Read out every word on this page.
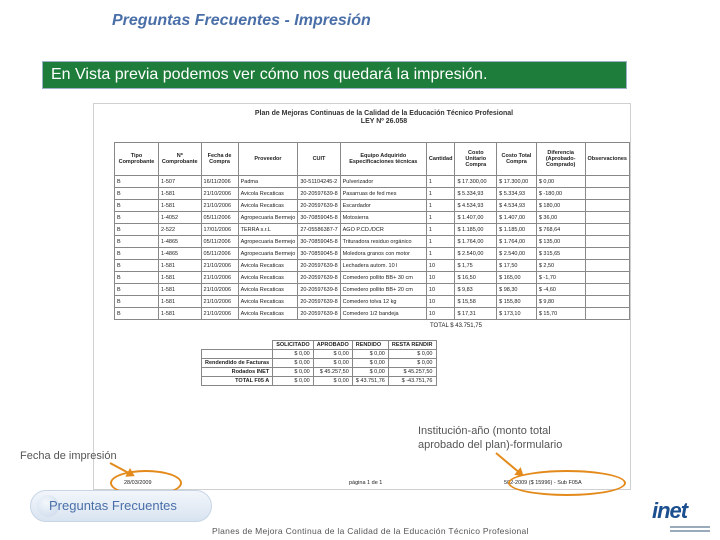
Preguntas Frecuentes - Impresión
En Vista previa podemos ver cómo nos quedará la impresión.
Plan de Mejoras Continuas de la Calidad de la Educación Técnico Profesional
LEY Nº 26.058
Tipo Comprobante	Nº Comprobante	Fecha de Compra	Proveedor	CUIT	Equipo Adquirido Especificaciones técnicas	Cantidad	Costo Unitario Compra	Costo Total Compra	Diferencia (Aprobado-Comprado)	Observaciones
B	1-507	16/11/2006	Padma	30-51104245-2	Pulverizador	1	$ 17.300,00	$ 17.300,00	$ 0,00	
B	1-581	21/10/2006	Avicola Recaticas	20-20597639-8	Pasarruas de fed mes	1	$ 5.334,93	$ 5.334,93	$ -180,00	
B	1-581	21/10/2006	Avicola Recaticas	20-20597639-8	Escardador	1	$ 4.534,93	$ 4.534,93	$ 180,00	
B	1-4052	05/11/2006	Agropecuaria Bermejo	30-70859045-8	Motosierra	1	$ 1.407,00	$ 1.407,00	$ 36,00	
B	2-522	17/01/2006	TERRA s.r.L	27-05586387-7	AGO P.CD./DCR	1	$ 1.185,00	$ 1.185,00	$ 768,64	
B	1-4865	05/11/2006	Agropecuaria Bermejo	30-70859045-8	Trituradora residuo orgánico	1	$ 1.764,00	$ 1.764,00	$ 135,00	
B	1-4865	05/11/2006	Agropecuaria Bermejo	30-70859045-8	Moledora granos con motor	1	$ 2.540,00	$ 2.540,00	$ 315,65	
B	1-581	21/10/2006	Avicola Recaticas	20-20597639-8	Lechadera autom. 10 l	10	$ 1,75	$ 17,50	$ 2,50	
B	1-581	21/10/2006	Avicola Recaticas	20-20597639-8	Comedero pollito BB+ 30 cm	10	$ 16,50	$ 165,00	$ -1,70	
B	1-581	21/10/2006	Avicola Recaticas	20-20597639-8	Comedero pollito BB+ 20 cm	10	$ 9,83	$ 98,30	$ -4,60	
B	1-581	21/10/2006	Avicola Recaticas	20-20597639-8	Comedero tolva 12 kg	10	$ 15,58	$ 155,80	$ 9,80	
B	1-581	21/10/2006	Avicola Recaticas	20-20597639-8	Comedero 1/2 bandeja	10	$ 17,31	$ 173,10	$ 15,70	
TOTAL $ 43.751,75
	SOLICITADO	APROBADO	RENDIDO	RESTA RENDIR
	$ 0,00	$ 0,00	$ 0,00	$ 0,00
Rendendido de Facturas	$ 0,00	$ 0,00	$ 0,00	$ 0,00
Rodados INET	$ 0,00	$ 45.257,50	$ 0,00	$ 45.257,50
TOTAL F05 A	$ 0,00	$ 0,00	$ 43.751,76	$ -43.751,76
28/03/2009	página 1 de 1	502-2009 ($ 15996) - Sub F05A
Institución-año (monto total
aprobado del plan)-formulario
Fecha de impresión
Preguntas Frecuentes
Planes de Mejora Continua de la Calidad de la Educación Técnico Profesional
inet
